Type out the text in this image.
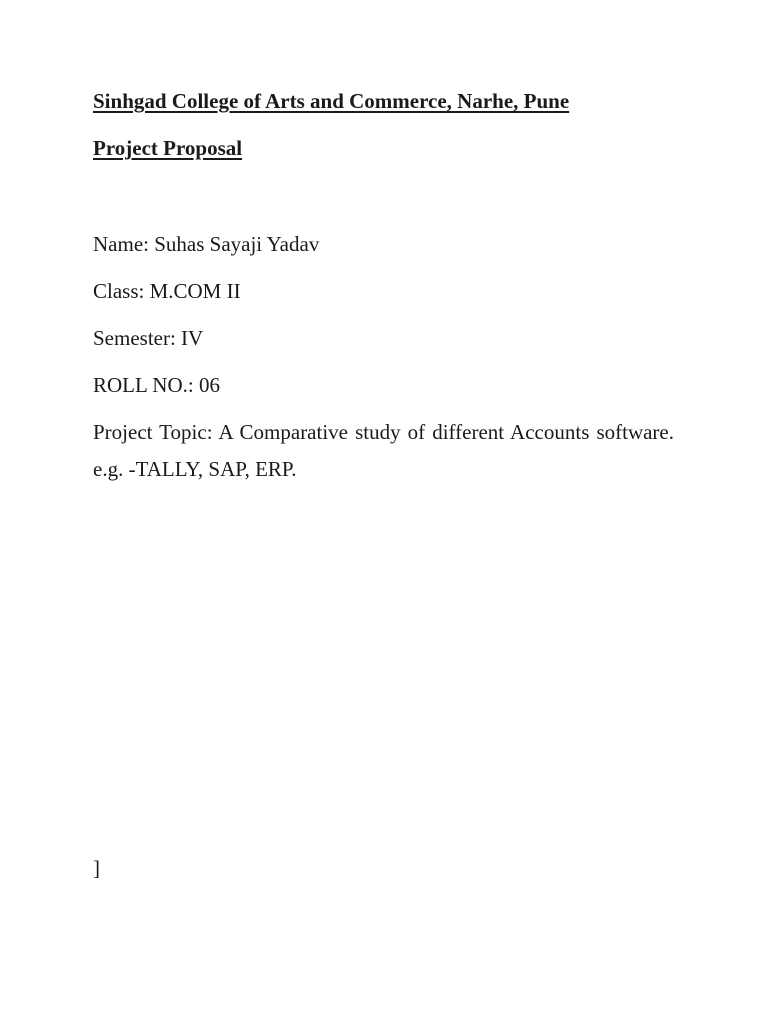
Sinhgad College of Arts and Commerce, Narhe, Pune
Project Proposal
Name: Suhas Sayaji Yadav
Class: M.COM II
Semester: IV
ROLL NO.: 06
Project Topic: A Comparative study of different Accounts software. e.g. -TALLY, SAP, ERP.
]
